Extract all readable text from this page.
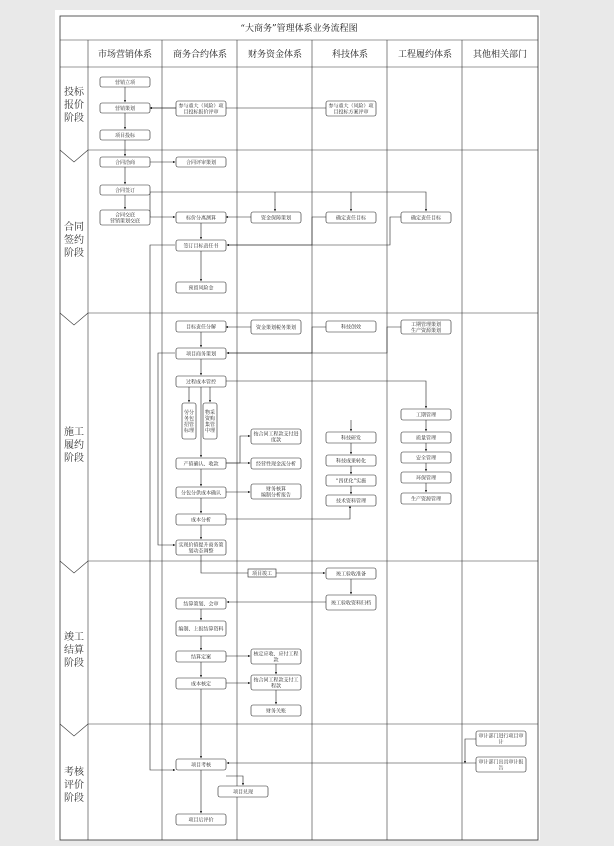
“大商务”管理体系业务流程图
市场营销体系 商务合约体系 财务资金体系	科技体系	工程履约体系 其他相关部门
投标报价阶段
合同签约阶段
施工履约阶段
竣工结算阶段
考核评价阶段
营销立项
营销策划	参与重大（风险）项目投标报价评审
参与重大（风险）项目投标方案评审
项目投标
合同洽商	合同评审策划
合同签订
合同交底营销策划交底	标价分离测算	资金保障策划	确定责任目标	确定责任目标
签订目标责任书
预留风险金
目标责任分解	资金策划税务策划	科技创效	工期管理策划生产资源策划
项目商务策划
过程成本管控
劳分务包招管标理
物采资购集管中理
工期管理
质量管理
安全管理
环保管理
生产资源管理
产值确认、收款
按合同工程款支付进度款
经营性现金流分析
科技研发
科技成果转化
“四优化”实施
技术资料管理
分包分供成本确认
财务核算编制分析报告
成本分析
实现价值提升商务策划动态调整
竣工验收准备
结算策划、会审	竣工验收资料归档
编制、上报结算资料
结算定案	核定应收、应付工程款
成本核定
按合同工程款支付工程款
财务关账
审计部门进行项目审计
审计部门出具审计报告
项目考核
项目兑现
项目后评价
项目竣工
